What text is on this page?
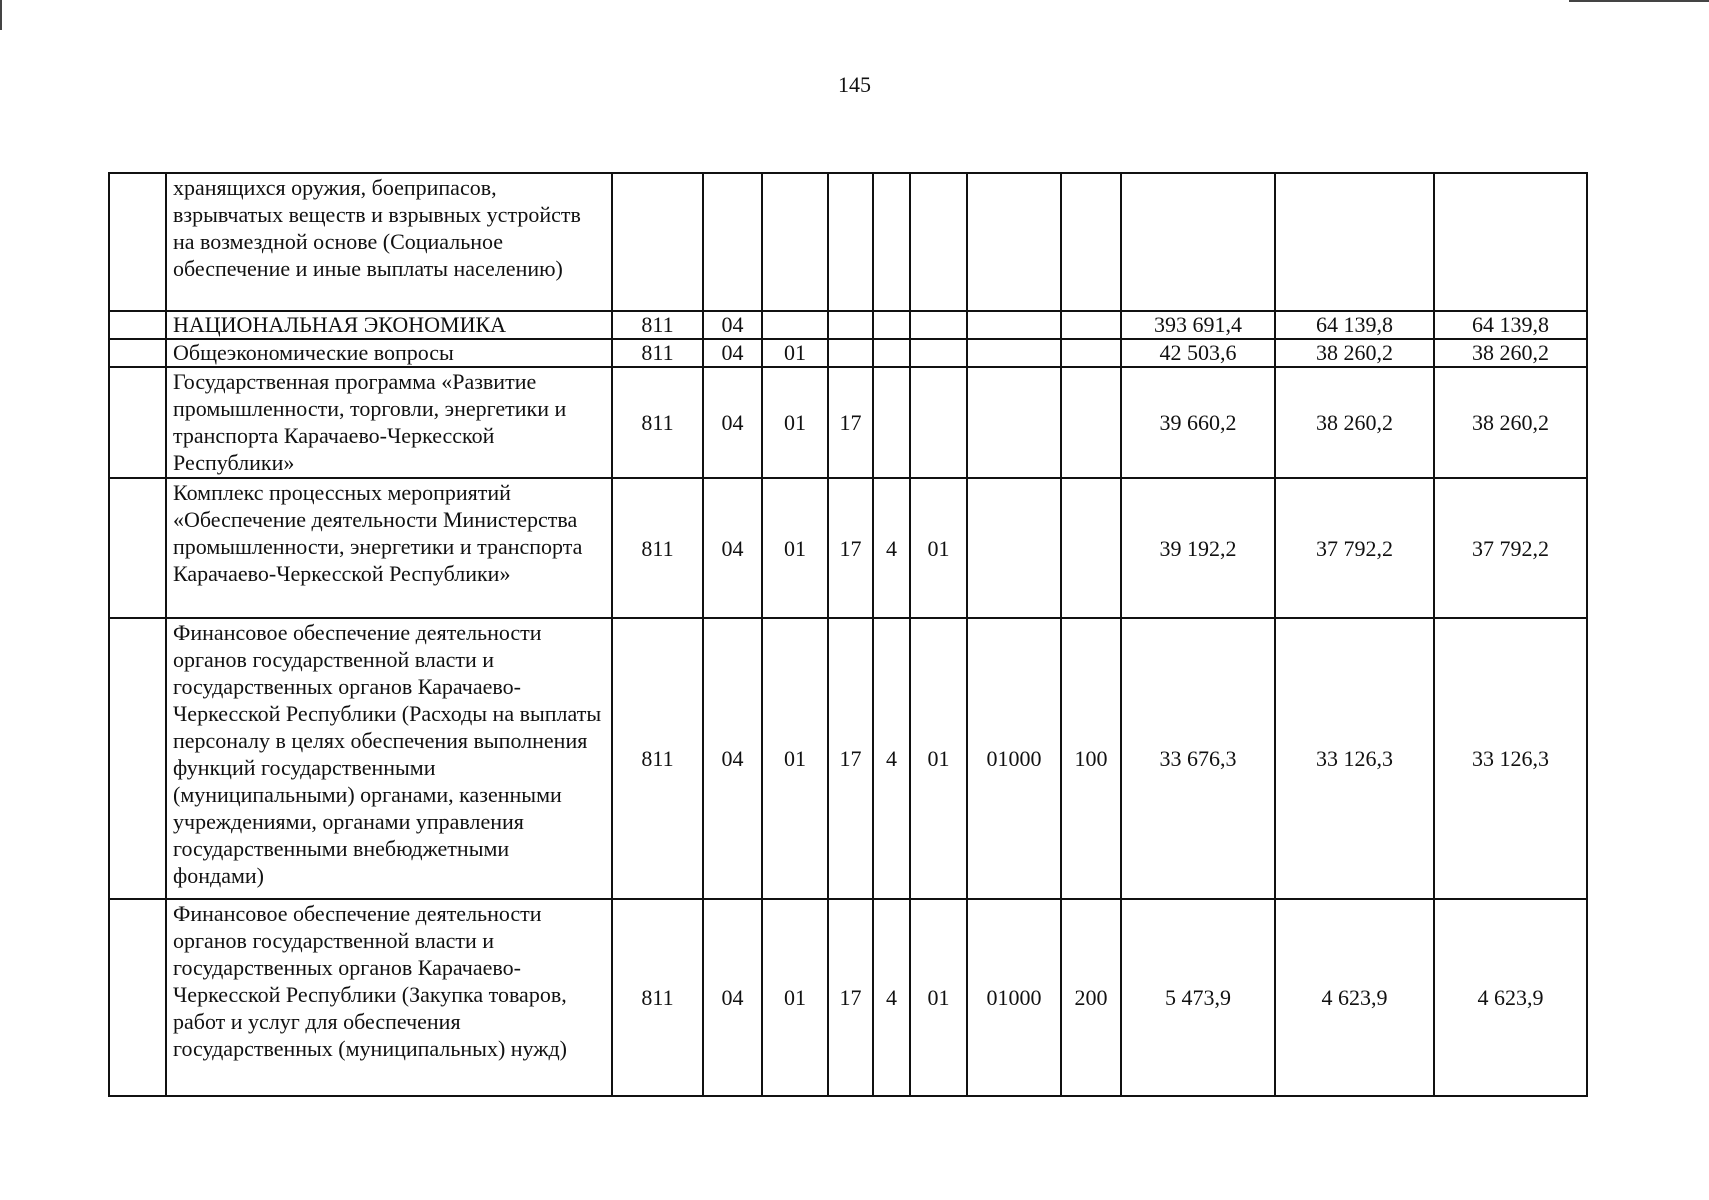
145
	хранящихся оружия, боеприпасов, взрывчатых веществ и взрывных устройств на возмездной основе (Социальное обеспечение и иные выплаты населению)											
	НАЦИОНАЛЬНАЯ ЭКОНОМИКА	811	04							393 691,4	64 139,8	64 139,8
	Общеэкономические вопросы	811	04	01						42 503,6	38 260,2	38 260,2
	Государственная программа «Развитие промышленности, торговли, энергетики и транспорта Карачаево-Черкесской Республики»	811	04	01	17					39 660,2	38 260,2	38 260,2
	Комплекс процессных мероприятий «Обеспечение деятельности Министерства промышленности, энергетики и транспорта Карачаево-Черкесской Республики»	811	04	01	17	4	01			39 192,2	37 792,2	37 792,2
	Финансовое обеспечение деятельности органов государственной власти и государственных органов Карачаево-Черкесской Республики (Расходы на выплаты персоналу в целях обеспечения выполнения функций государственными (муниципальными) органами, казенными учреждениями, органами управления государственными внебюджетными фондами)	811	04	01	17	4	01	01000	100	33 676,3	33 126,3	33 126,3
	Финансовое обеспечение деятельности органов государственной власти и государственных органов Карачаево-Черкесской Республики (Закупка товаров, работ и услуг для обеспечения государственных (муниципальных) нужд)	811	04	01	17	4	01	01000	200	5 473,9	4 623,9	4 623,9
